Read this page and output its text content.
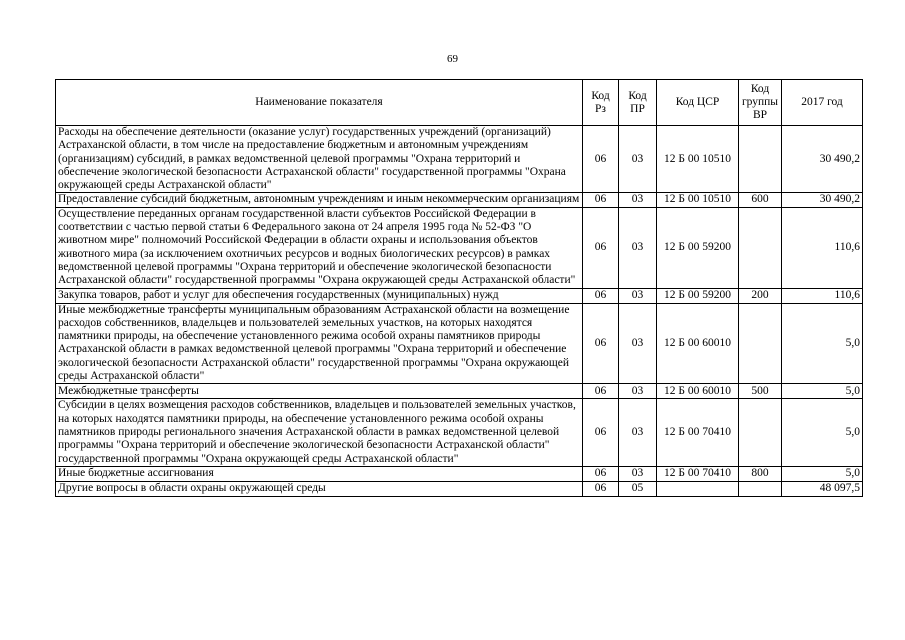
69
Наименование показателя	Код Рз	Код ПР	Код ЦСР	Код группы ВР	2017 год
Расходы на обеспечение деятельности (оказание услуг) государственных учреждений (организаций) Астраханской области, в том числе на предоставление бюджетным и автономным учреждениям (организациям) субсидий, в рамках ведомственной целевой программы "Охрана территорий и обеспечение экологической безопасности Астраханской области" государственной программы "Охрана окружающей среды Астраханской области"	06	03	12 Б 00 10510		30 490,2
Предоставление субсидий бюджетным, автономным учреждениям и иным некоммерческим организациям	06	03	12 Б 00 10510	600	30 490,2
Осуществление переданных органам государственной власти субъектов Российской Федерации в соответствии с частью первой статьи 6 Федерального закона от 24 апреля 1995 года № 52-ФЗ "О животном мире" полномочий Российской Федерации в области охраны и использования объектов животного мира (за исключением охотничьих ресурсов и водных биологических ресурсов) в рамках ведомственной целевой программы "Охрана территорий и обеспечение экологической безопасности Астраханской области" государственной программы "Охрана окружающей среды Астраханской области"	06	03	12 Б 00 59200		110,6
Закупка товаров, работ и услуг для обеспечения государственных (муниципальных) нужд	06	03	12 Б 00 59200	200	110,6
Иные межбюджетные трансферты муниципальным образованиям Астраханской области на возмещение расходов собственников, владельцев и пользователей земельных участков, на которых находятся памятники природы, на обеспечение установленного режима особой охраны памятников природы Астраханской области в рамках ведомственной целевой программы "Охрана территорий и обеспечение экологической безопасности Астраханской области" государственной программы "Охрана окружающей среды Астраханской области"	06	03	12 Б 00 60010		5,0
Межбюджетные трансферты	06	03	12 Б 00 60010	500	5,0
Субсидии в целях возмещения расходов собственников, владельцев и пользователей земельных участков, на которых находятся памятники природы, на обеспечение установленного режима особой охраны памятников природы регионального значения Астраханской области в рамках ведомственной целевой программы "Охрана территорий и обеспечение экологической безопасности Астраханской области" государственной программы "Охрана окружающей среды Астраханской области"	06	03	12 Б 00 70410		5,0
Иные бюджетные ассигнования	06	03	12 Б 00 70410	800	5,0
Другие вопросы в области охраны окружающей среды	06	05			48 097,5
